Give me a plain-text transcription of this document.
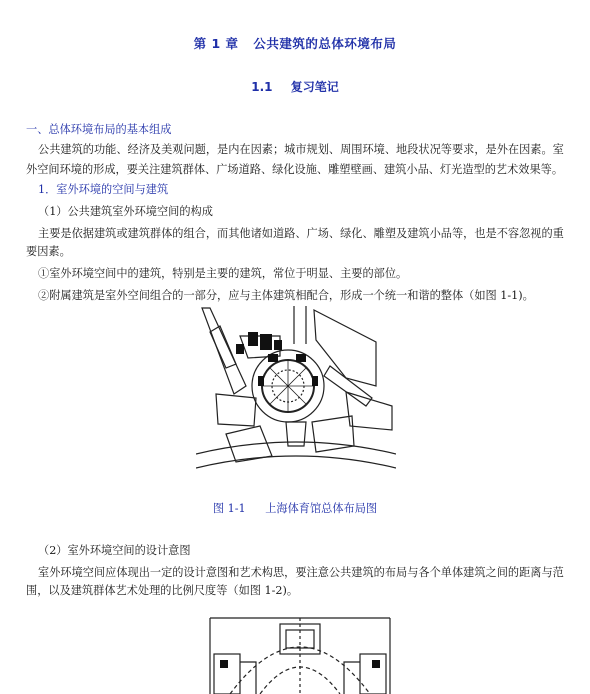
第 1 章 公共建筑的总体环境布局
1.1 复习笔记
一、总体环境布局的基本组成
公共建筑的功能、经济及美观问题，是内在因素；城市规划、周围环境、地段状况等要求，是外在因素。室
外空间环境的形成，要关注建筑群体、广场道路、绿化设施、雕塑壁画、建筑小品、灯光造型的艺术效果等。
1．室外环境的空间与建筑
（1）公共建筑室外环境空间的构成
主要是依据建筑或建筑群体的组合，而其他诸如道路、广场、绿化、雕塑及建筑小品等，也是不容忽视的重
要因素。
①室外环境空间中的建筑，特别是主要的建筑，常位于明显、主要的部位。
②附属建筑是室外空间组合的一部分，应与主体建筑相配合，形成一个统一和谐的整体（如图 1-1)。
图 1-1 上海体育馆总体布局图
（2）室外环境空间的设计意图
室外环境空间应体现出一定的设计意图和艺术构思，要注意公共建筑的布局与各个单体建筑之间的距离与范
围，以及建筑群体艺术处理的比例尺度等（如图 1-2)。
